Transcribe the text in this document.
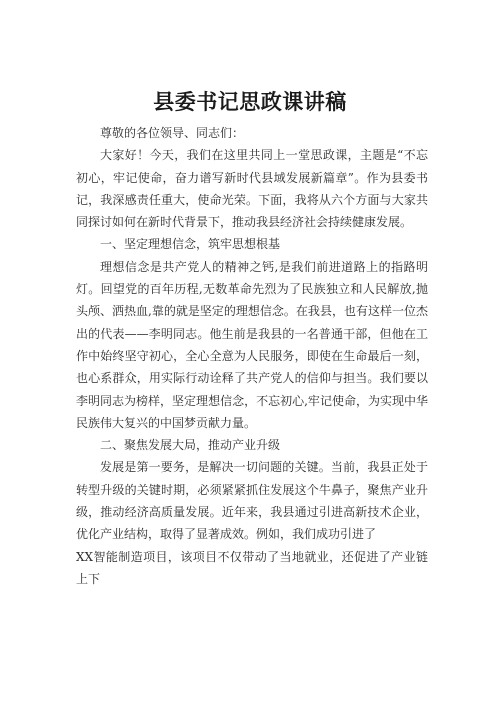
县委书记思政课讲稿

尊敬的各位领导、同志们：

大家好！今天，我们在这里共同上一堂思政课，主题是“不忘初心，牢记使命，奋力谱写新时代县域发展新篇章”。作为县委书记，我深感责任重大，使命光荣。下面，我将从六个方面与大家共同探讨如何在新时代背景下，推动我县经济社会持续健康发展。

一、坚定理想信念，筑牢思想根基

理想信念是共产党人的精神之钙,是我们前进道路上的指路明灯。回望党的百年历程,无数革命先烈为了民族独立和人民解放,抛头颅、洒热血,靠的就是坚定的理想信念。在我县，也有这样一位杰出的代表——李明同志。他生前是我县的一名普通干部，但他在工作中始终坚守初心，全心全意为人民服务，即使在生命最后一刻，也心系群众，用实际行动诠释了共产党人的信仰与担当。我们要以李明同志为榜样，坚定理想信念，不忘初心,牢记使命，为实现中华民族伟大复兴的中国梦贡献力量。

二、聚焦发展大局，推动产业升级

发展是第一要务，是解决一切问题的关键。当前，我县正处于转型升级的关键时期，必须紧紧抓住发展这个牛鼻子，聚焦产业升级，推动经济高质量发展。近年来，我县通过引进高新技术企业，优化产业结构，取得了显著成效。例如，我们成功引进了

XX智能制造项目，该项目不仅带动了当地就业，还促进了产业链上下
